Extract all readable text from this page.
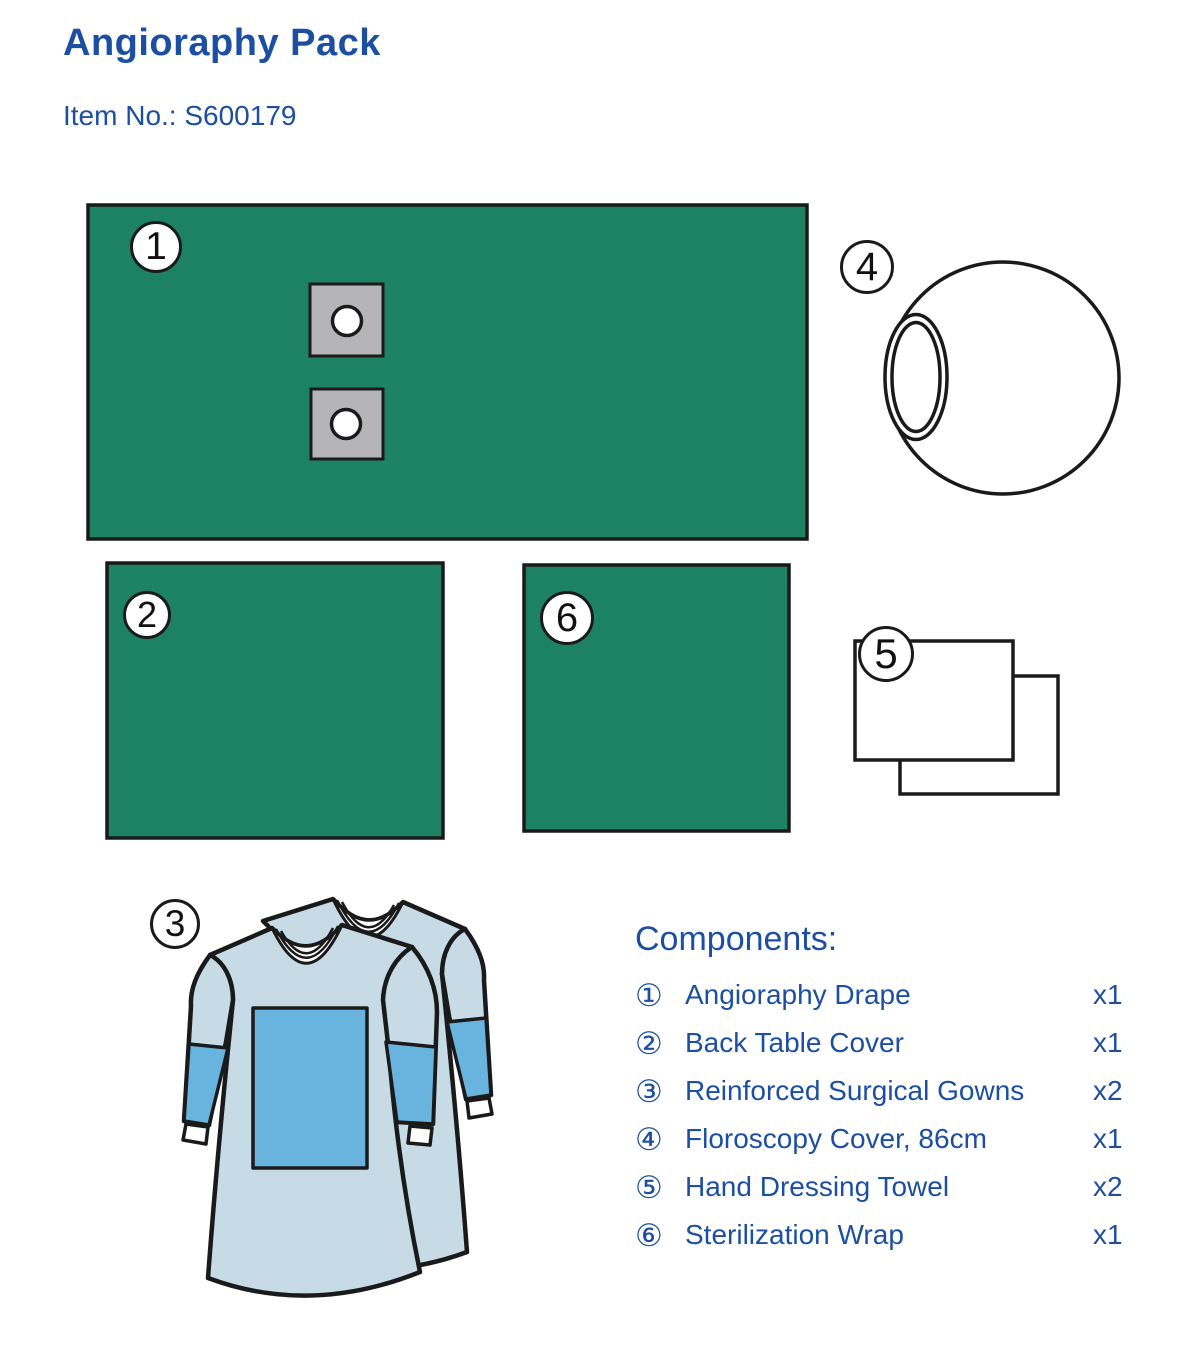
Angioraphy Pack
Item No.: S600179
1
2
3
4
5
6
Components:
① Angioraphy Drape	x1
② Back Table Cover	x1
③ Reinforced Surgical Gowns	x2
④ Floroscopy Cover, 86cm	x1
⑤ Hand Dressing Towel	x2
⑥ Sterilization Wrap	x1
